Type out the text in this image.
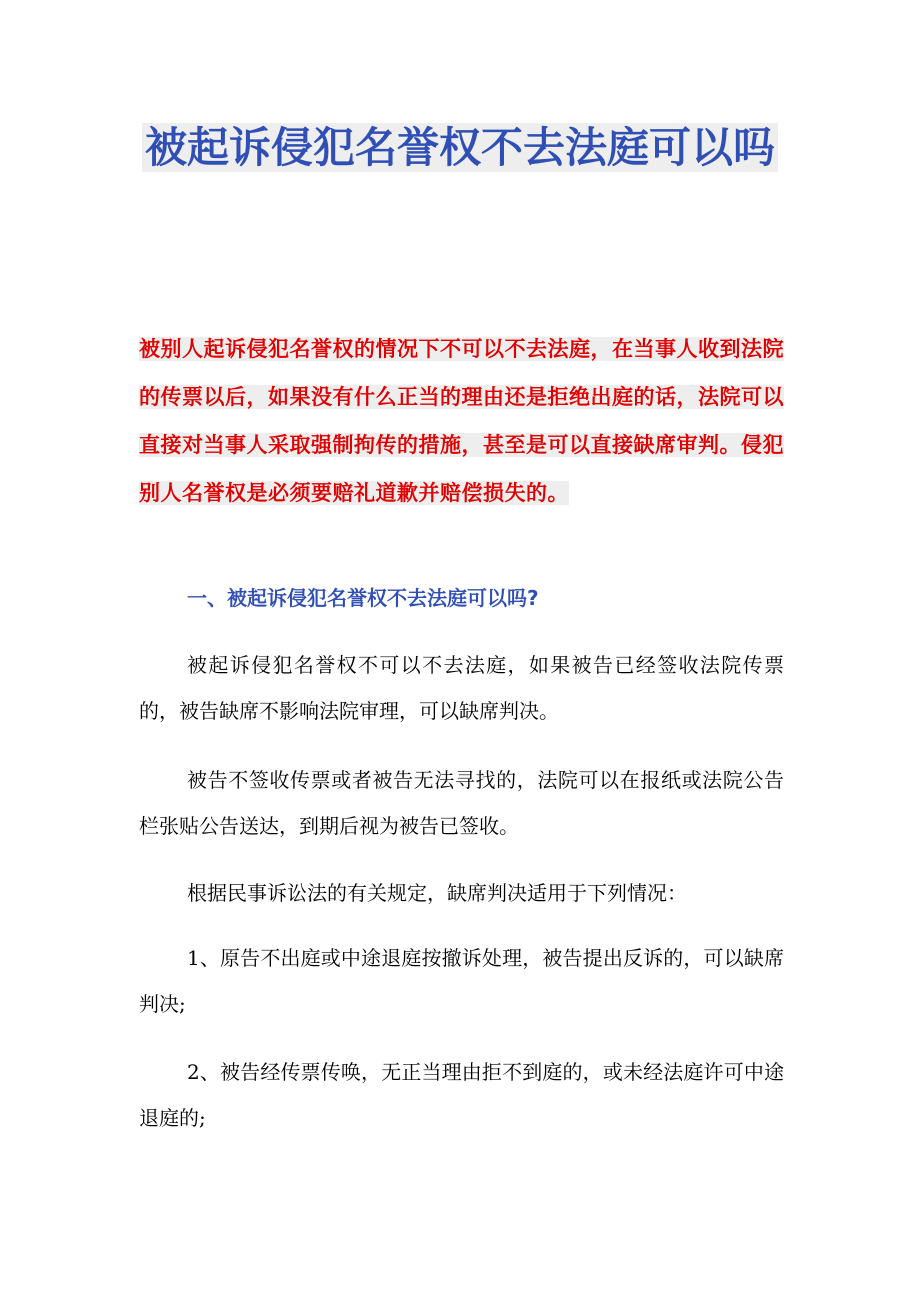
被起诉侵犯名誉权不去法庭可以吗
被别人起诉侵犯名誉权的情况下不可以不去法庭，在当事人收到法院的传票以后，如果没有什么正当的理由还是拒绝出庭的话，法院可以直接对当事人采取强制拘传的措施，甚至是可以直接缺席审判。侵犯别人名誉权是必须要赔礼道歉并赔偿损失的。
一、被起诉侵犯名誉权不去法庭可以吗?
被起诉侵犯名誉权不可以不去法庭，如果被告已经签收法院传票的，被告缺席不影响法院审理，可以缺席判决。
被告不签收传票或者被告无法寻找的，法院可以在报纸或法院公告栏张贴公告送达，到期后视为被告已签收。
根据民事诉讼法的有关规定，缺席判决适用于下列情况：
1、原告不出庭或中途退庭按撤诉处理，被告提出反诉的，可以缺席判决;
2、被告经传票传唤，无正当理由拒不到庭的，或未经法庭许可中途退庭的;
